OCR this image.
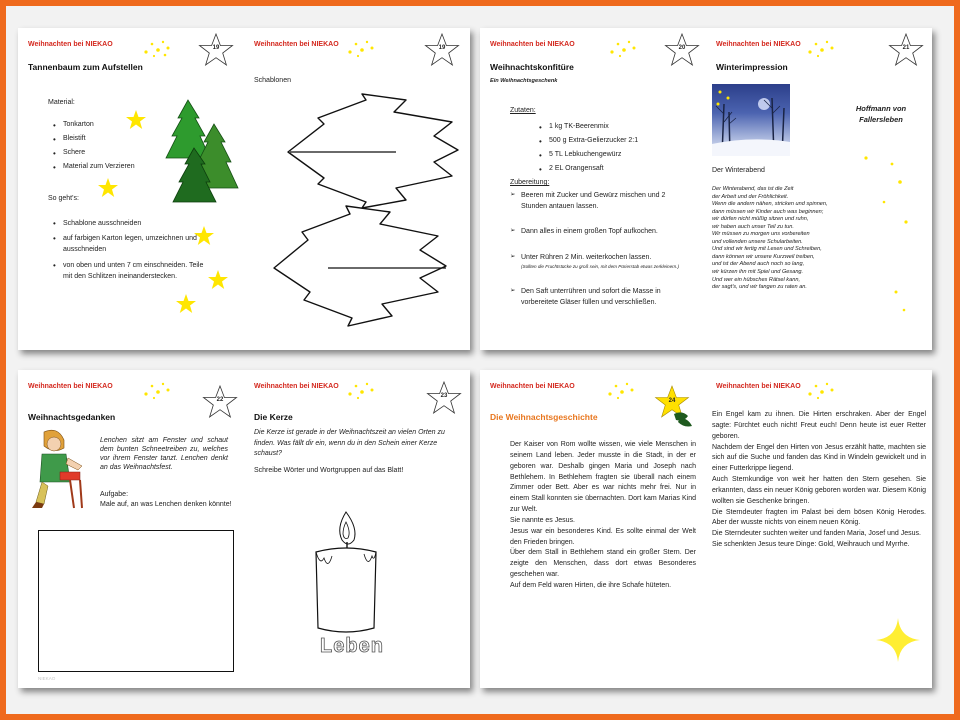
Weihnachten bei NIEKAO	19
Tannenbaum zum Aufstellen
Material:
• Tonkarton
• Bleistift
• Schere
• Material zum Verzieren
So geht's:
• Schablone ausschneiden
• auf farbigen Karton legen, umzeichnen und ausschneiden
• von oben und unten 7 cm einschneiden. Teile mit den Schlitzen ineinanderstecken.
Weihnachten bei NIEKAO	19
Schablonen
Weihnachten bei NIEKAO	20
Weihnachtskonfitüre
Ein Weihnachtsgeschenk
Zutaten:
• 1 kg TK-Beerenmix
• 500 g Extra-Gelierzucker 2:1
• 5 TL Lebkuchengewürz
• 2 EL Orangensaft
Zubereitung:
➢ Beeren mit Zucker und Gewürz mischen und 2 Stunden antauen lassen.
➢ Dann alles in einem großen Topf aufkochen.
➢ Unter Rühren 2 Min. weiterkochen lassen.
(Sollten die Fruchtstücke zu groß sein, mit dem Pürierstab etwas zerkleinern.)
➢ Den Saft unterrühren und sofort die Masse in vorbereitete Gläser füllen und verschließen.
Weihnachten bei NIEKAO	21
Winterimpression
Hoffmann von Fallersleben
Der Winterabend
Der Winterabend, das ist die Zeit
der Arbeit und der Fröhlichkeit.
Wenn die andern nähen, stricken und spinnen,
dann müssen wir Kinder auch was beginnen;
wir dürfen nicht müßig sitzen und ruhn,
wir haben auch unser Teil zu tun.
Wir müssen zu morgen uns vorbereiten
und vollenden unsere Schularbeiten.
Und sind wir fertig mit Lesen und Schreiben,
dann können wir unsere Kurzweil treiben,
und ist der Abend auch noch so lang,
wir kürzen ihn mit Spiel und Gesang.
Und wer ein hübsches Rätsel kann,
der sagt's, und wir fangen zu raten an.
Weihnachten bei NIEKAO
22
Weihnachtsgedanken
Lenchen sitzt am Fenster und schaut dem bunten Schneetreiben zu, welches vor ihrem Fenster tanzt. Lenchen denkt an das Weihnachtsfest.
Aufgabe:
Male auf, an was Lenchen denken könnte!
NIEKAO
Weihnachten bei NIEKAO
23
Die Kerze
Die Kerze ist gerade in der Weihnachtszeit an vielen Orten zu finden. Was fällt dir ein, wenn du in den Schein einer Kerze schaust?
Schreibe Wörter und Wortgruppen auf das Blatt!
Leben
Weihnachten bei NIEKAO
24
Die Weihnachtsgeschichte

Der Kaiser von Rom wollte wissen, wie viele Menschen in seinem Land leben. Jeder musste in die Stadt, in der er geboren war. Deshalb gingen Maria und Joseph nach Bethlehem. In Bethlehem fragten sie überall nach einem Zimmer oder Bett. Aber es war nichts mehr frei. Nur in einem Stall konnten sie übernachten. Dort kam Marias Kind zur Welt.

Sie nannte es Jesus.

Jesus war ein besonderes Kind. Es sollte einmal der Welt den Frieden bringen.

Über dem Stall in Bethlehem stand ein großer Stern. Der zeigte den Menschen, dass dort etwas Besonderes geschehen war.

Auf dem Feld waren Hirten, die ihre Schafe hüteten.

Weihnachten bei NIEKAO

Ein Engel kam zu ihnen. Die Hirten erschraken. Aber der Engel sagte: Fürchtet euch nicht! Freut euch! Denn heute ist euer Retter geboren.

Nachdem der Engel den Hirten von Jesus erzählt hatte, machten sie sich auf die Suche und fanden das Kind in Windeln gewickelt und in einer Futterkrippe liegend.

Auch Sternkundige von weit her hatten den Stern gesehen. Sie erkannten, dass ein neuer König geboren worden war. Diesem König wollten sie Geschenke bringen.

Die Sterndeuter fragten im Palast bei dem bösen König Herodes. Aber der wusste nichts von einem neuen König.

Die Sterndeuter suchten weiter und fanden Maria, Josef und Jesus.

Sie schenkten Jesus teure Dinge: Gold, Weihrauch und Myrrhe.
